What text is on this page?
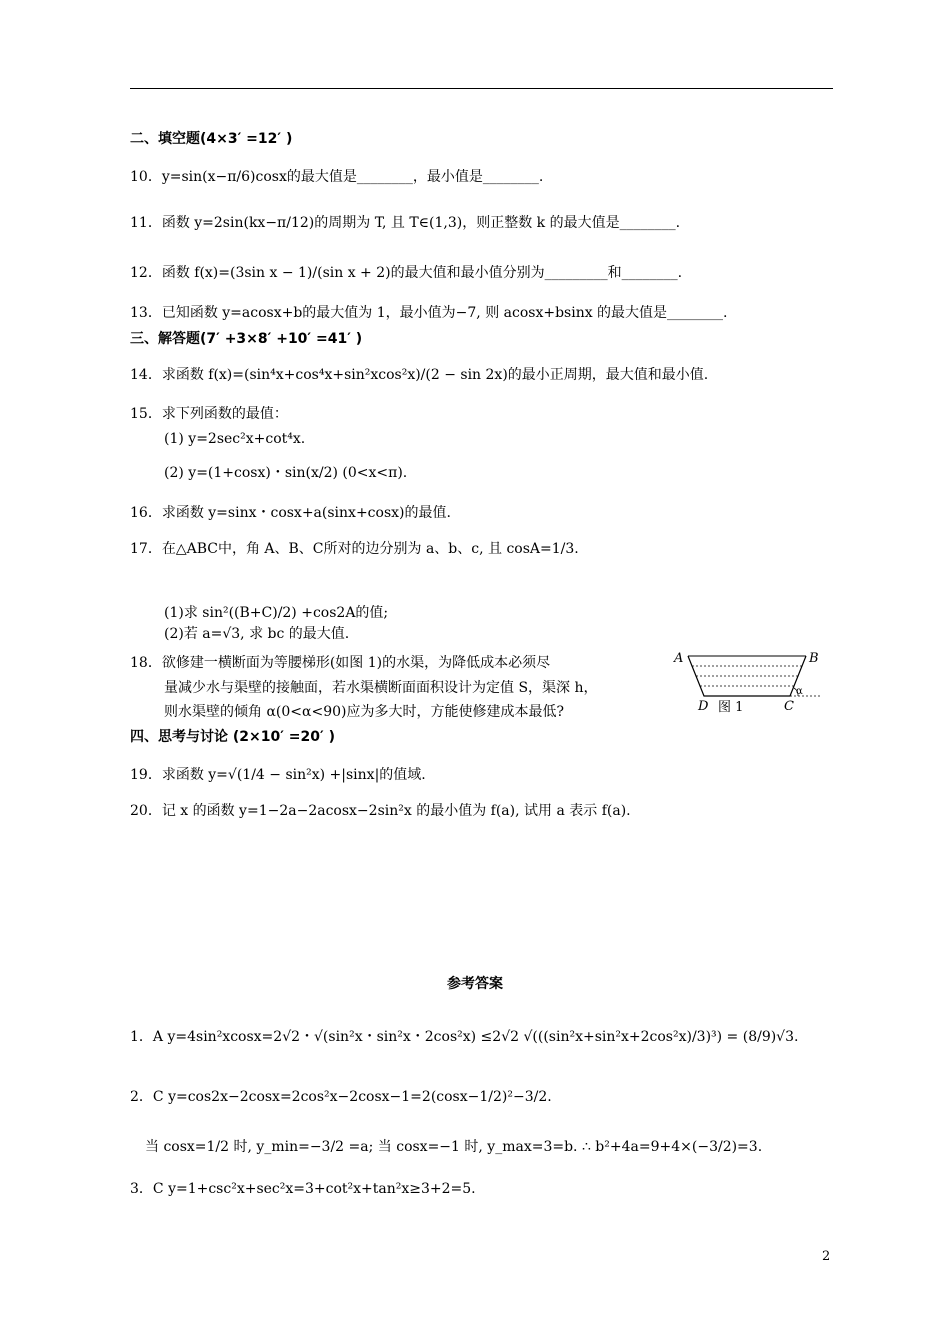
二、填空题(4×3′ =12′ )
10．y=sin(x−π/6)cosx的最大值是________，最小值是________.
11．函数 y=2sin(kx−π/12)的周期为 T, 且 T∈(1,3)，则正整数 k 的最大值是________.
12．函数 f(x)=(3sin x − 1)/(sin x + 2)的最大值和最小值分别为_________和________.
13．已知函数 y=acosx+b的最大值为 1，最小值为−7, 则 acosx+bsinx 的最大值是________.
三、解答题(7′ +3×8′ +10′ =41′ )
14．求函数 f(x)=(sin⁴x+cos⁴x+sin²xcos²x)/(2 − sin 2x)的最小正周期，最大值和最小值.
15．求下列函数的最值：
(1) y=2sec²x+cot⁴x.
(2) y=(1+cosx)・sin(x/2) (0<x<π).
16．求函数 y=sinx・cosx+a(sinx+cosx)的最值.
17．在△ABC中，角 A、B、C所对的边分别为 a、b、c, 且 cosA=1/3.
(1)求 sin²((B+C)/2) +cos2A的值;
(2)若 a=√3, 求 bc 的最大值.
18．欲修建一横断面为等腰梯形(如图 1)的水渠，为降低成本必须尽
量减少水与渠壁的接触面，若水渠横断面面积设计为定值 S，渠深 h，
则水渠壁的倾角 α(0<α<90)应为多大时，方能使修建成本最低?
A	B
C
D
α
图 1
四、思考与讨论 (2×10′ =20′ )
19．求函数 y=√(1/4 − sin²x) +|sinx|的值域.
20．记 x 的函数 y=1−2a−2acosx−2sin²x 的最小值为 f(a), 试用 a 表示 f(a).
参考答案
1．A y=4sin²xcosx=2√2・√(sin²x・sin²x・2cos²x) ≤2√2 √(((sin²x+sin²x+2cos²x)/3)³) = (8/9)√3.
2．C y=cos2x−2cosx=2cos²x−2cosx−1=2(cosx−1/2)²−3/2.
当 cosx=1/2 时, y_min=−3/2 =a; 当 cosx=−1 时, y_max=3=b. ∴ b²+4a=9+4×(−3/2)=3.
3．C y=1+csc²x+sec²x=3+cot²x+tan²x≥3+2=5.
2
